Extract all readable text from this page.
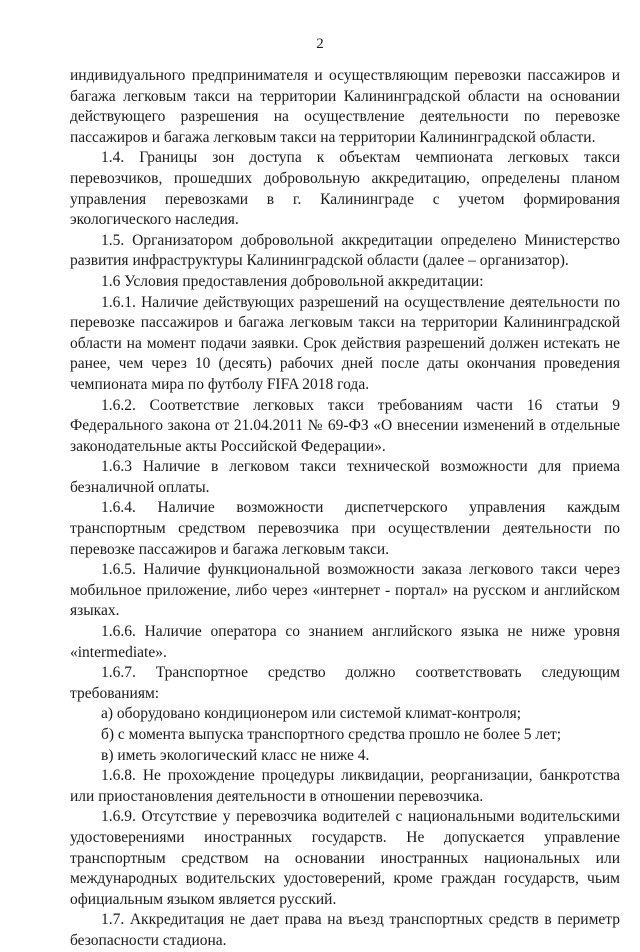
2

индивидуального предпринимателя и осуществляющим перевозки пассажиров и багажа легковым такси на территории Калининградской области на основании действующего разрешения на осуществление деятельности по перевозке пассажиров и багажа легковым такси на территории Калининградской области.

1.4. Границы зон доступа к объектам чемпионата легковых такси перевозчиков, прошедших добровольную аккредитацию, определены планом управления перевозками в г. Калининграде с учетом формирования экологического наследия.

1.5. Организатором добровольной аккредитации определено Министерство развития инфраструктуры Калининградской области (далее – организатор).

1.6 Условия предоставления добровольной аккредитации:

1.6.1. Наличие действующих разрешений на осуществление деятельности по перевозке пассажиров и багажа легковым такси на территории Калининградской области на момент подачи заявки. Срок действия разрешений должен истекать не ранее, чем через 10 (десять) рабочих дней после даты окончания проведения чемпионата мира по футболу FIFA 2018 года.

1.6.2. Соответствие легковых такси требованиям части 16 статьи 9 Федерального закона от 21.04.2011 № 69-ФЗ «О внесении изменений в отдельные законодательные акты Российской Федерации».

1.6.3 Наличие в легковом такси технической возможности для приема безналичной оплаты.

1.6.4. Наличие возможности диспетчерского управления каждым транспортным средством перевозчика при осуществлении деятельности по перевозке пассажиров и багажа легковым такси.

1.6.5. Наличие функциональной возможности заказа легкового такси через мобильное приложение, либо через «интернет - портал» на русском и английском языках.

1.6.6. Наличие оператора со знанием английского языка не ниже уровня «intermediate».

1.6.7. Транспортное средство должно соответствовать следующим требованиям:

а) оборудовано кондиционером или системой климат-контроля;

б) с момента выпуска транспортного средства прошло не более 5 лет;

в) иметь экологический класс не ниже 4.

1.6.8. Не прохождение процедуры ликвидации, реорганизации, банкротства или приостановления деятельности в отношении перевозчика.

1.6.9. Отсутствие у перевозчика водителей с национальными водительскими удостоверениями иностранных государств. Не допускается управление транспортным средством на основании иностранных национальных или международных водительских удостоверений, кроме граждан государств, чьим официальным языком является русский.

1.7. Аккредитация не дает права на въезд транспортных средств в периметр безопасности стадиона.
